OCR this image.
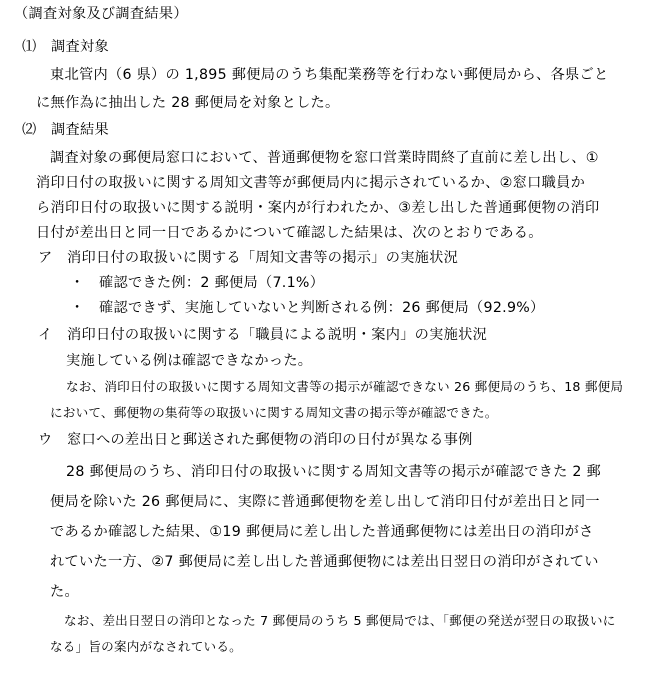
（調査対象及び調査結果）

⑴　調査対象

東北管内（6 県）の 1,895 郵便局のうち集配業務等を行わない郵便局から、各県ごと

に無作為に抽出した 28 郵便局を対象とした。

⑵　調査結果

調査対象の郵便局窓口において、普通郵便物を窓口営業時間終了直前に差し出し、①

消印日付の取扱いに関する周知文書等が郵便局内に掲示されているか、②窓口職員か

ら消印日付の取扱いに関する説明・案内が行われたか、③差し出した普通郵便物の消印

日付が差出日と同一日であるかについて確認した結果は、次のとおりである。

ア　消印日付の取扱いに関する「周知文書等の掲示」の実施状況

・　確認できた例：2 郵便局（7.1%）

・　確認できず、実施していないと判断される例：26 郵便局（92.9%）

イ　消印日付の取扱いに関する「職員による説明・案内」の実施状況

実施している例は確認できなかった。

なお、消印日付の取扱いに関する周知文書等の掲示が確認できない 26 郵便局のうち、18 郵便局

において、郵便物の集荷等の取扱いに関する周知文書の掲示等が確認できた。

ウ　窓口への差出日と郵送された郵便物の消印の日付が異なる事例

28 郵便局のうち、消印日付の取扱いに関する周知文書等の掲示が確認できた 2 郵

便局を除いた 26 郵便局に、実際に普通郵便物を差し出して消印日付が差出日と同一

であるか確認した結果、①19 郵便局に差し出した普通郵便物には差出日の消印がさ

れていた一方、②7 郵便局に差し出した普通郵便物には差出日翌日の消印がされてい

た。

なお、差出日翌日の消印となった 7 郵便局のうち 5 郵便局では、「郵便の発送が翌日の取扱いに

なる」旨の案内がなされている。
